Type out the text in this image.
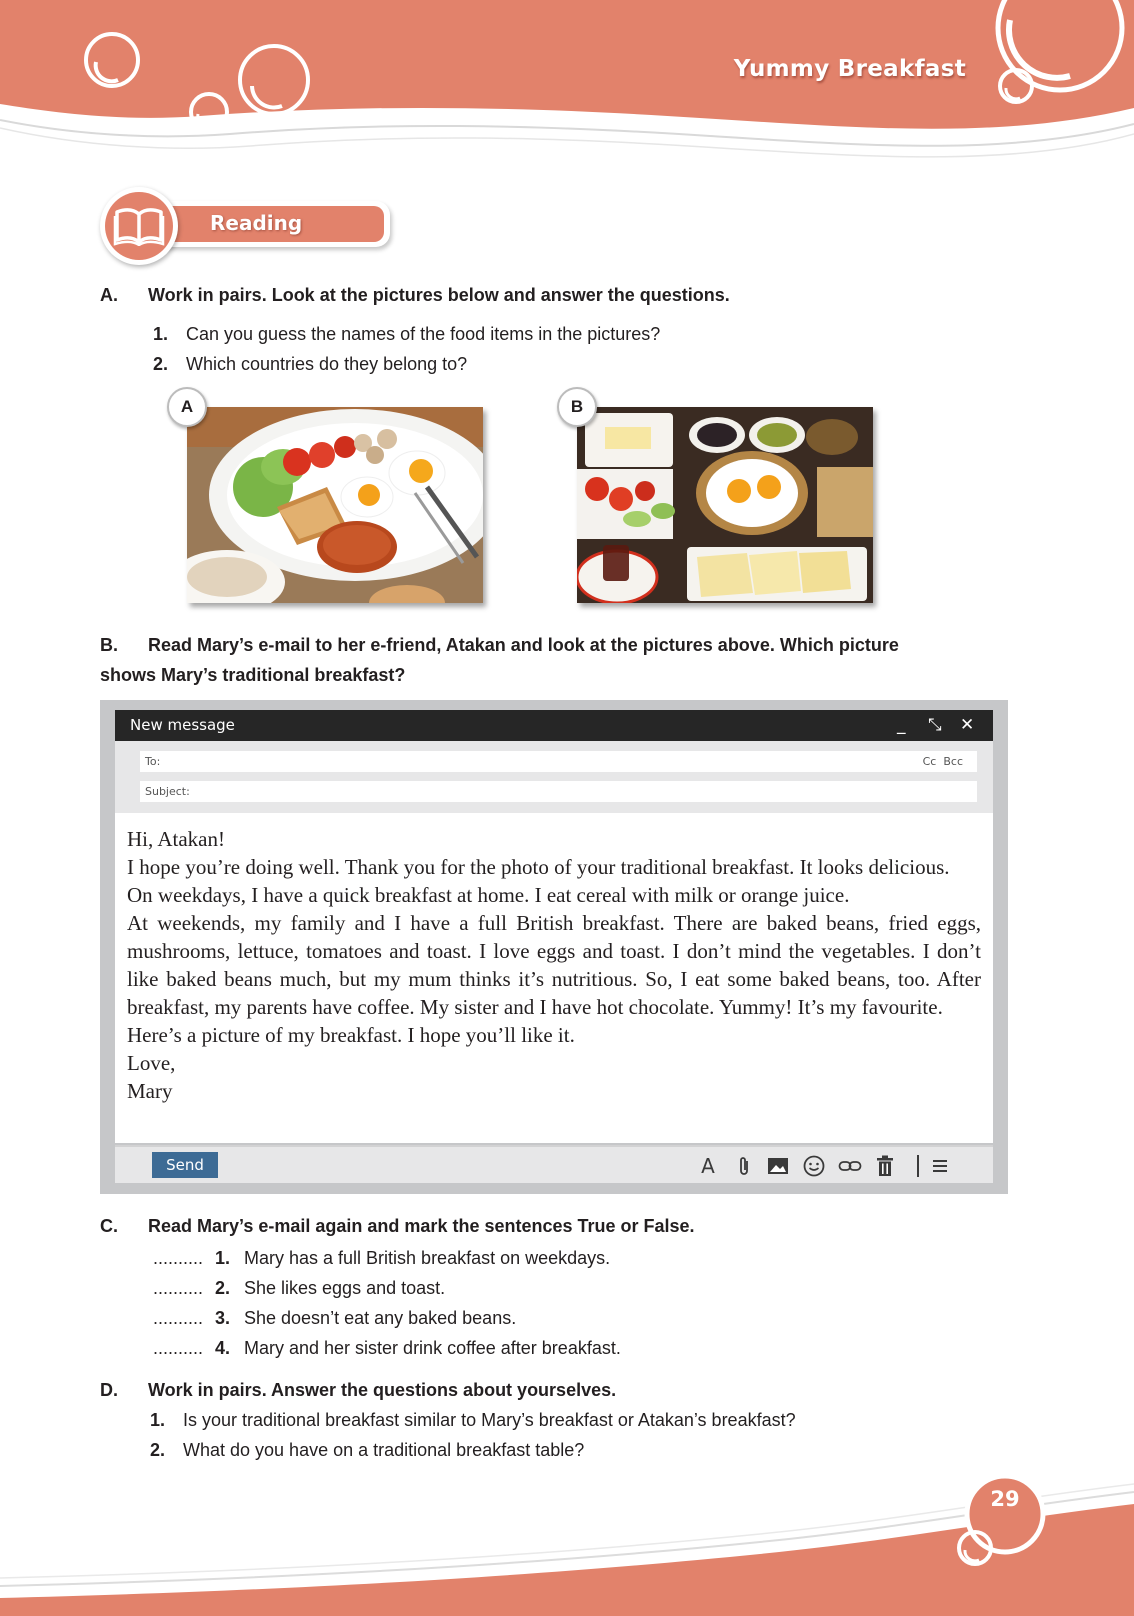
Yummy Breakfast
Reading
A. Work in pairs. Look at the pictures below and answer the questions.
1. Can you guess the names of the food items in the pictures?
2. Which countries do they belong to?
A	B
B. Read Mary’s e-mail to her e-friend, Atakan and look at the pictures above. Which picture
shows Mary’s traditional breakfast?
New message	_ ⤡ ✕
To:	Cc Bcc
Subject:

Hi, Atakan!

I hope you’re doing well. Thank you for the photo of your traditional breakfast. It looks delicious.

On weekdays, I have a quick breakfast at home. I eat cereal with milk or orange juice.

At weekends, my family and I have a full British breakfast. There are baked beans, fried eggs, mushrooms, lettuce, tomatoes and toast. I love eggs and toast. I don’t mind the vegetables. I don’t like baked beans much, but my mum thinks it’s nutritious. So, I eat some baked beans, too. After breakfast, my parents have coffee. My sister and I have hot chocolate. Yummy! It’s my favourite.

Here’s a picture of my breakfast. I hope you’ll like it.

Love,

Mary

Send	A
C. Read Mary’s e-mail again and mark the sentences True or False.
.......... 1. Mary has a full British breakfast on weekdays.
.......... 2. She likes eggs and toast.
.......... 3. She doesn’t eat any baked beans.
.......... 4. Mary and her sister drink coffee after breakfast.
D. Work in pairs. Answer the questions about yourselves.
1. Is your traditional breakfast similar to Mary’s breakfast or Atakan’s breakfast?
2. What do you have on a traditional breakfast table?
29
